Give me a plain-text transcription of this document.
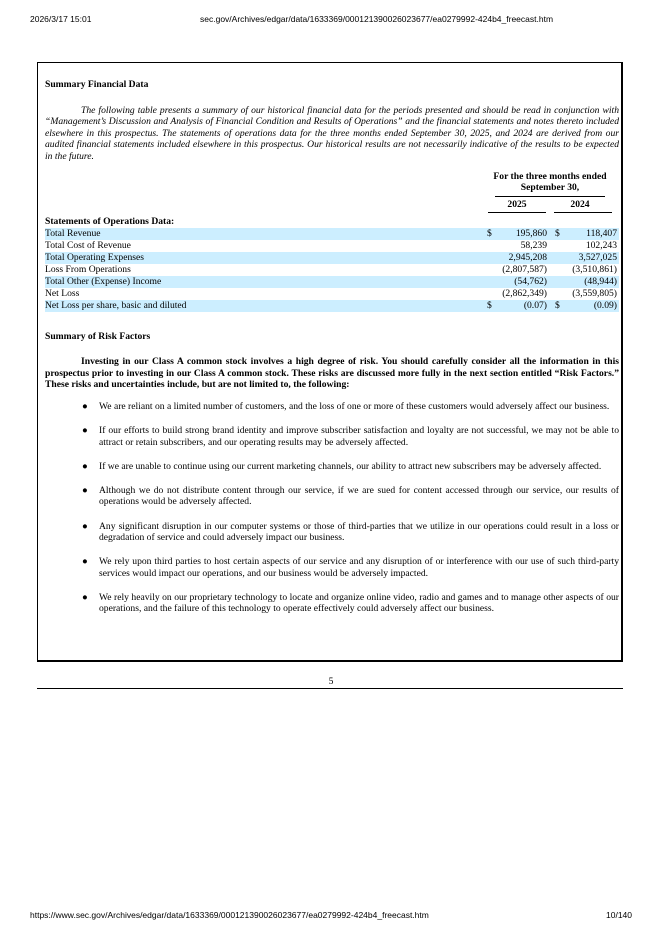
2026/3/17 15:01	sec.gov/Archives/edgar/data/1633369/000121390026023677/ea0279992-424b4_freecast.htm

Summary Financial Data

The following table presents a summary of our historical financial data for the periods presented and should be read in conjunction with “Management’s Discussion and Analysis of Financial Condition and Results of Operations” and the financial statements and notes thereto included elsewhere in this prospectus. The statements of operations data for the three months ended September 30, 2025, and 2024 are derived from our audited financial statements included elsewhere in this prospectus. Our historical results are not necessarily indicative of the results to be expected in the future.

For the three months ended
September 30,
2025	2024
Statements of Operations Data:
Total Revenue	$	195,860 $	118,407
Total Cost of Revenue	58,239	102,243
Total Operating Expenses	2,945,208	3,527,025
Loss From Operations	(2,807,587)	(3,510,861)
Total Other (Expense) Income	(54,762)	(48,944)
Net Loss	(2,862,349)	(3,559,805)
Net Loss per share, basic and diluted	$	(0.07) $	(0.09)

Summary of Risk Factors

Investing in our Class A common stock involves a high degree of risk. You should carefully consider all the information in this prospectus prior to investing in our Class A common stock. These risks are discussed more fully in the next section entitled “Risk Factors.” These risks and uncertainties include, but are not limited to, the following:

● We are reliant on a limited number of customers, and the loss of one or more of these customers would adversely affect our business.
● If our efforts to build strong brand identity and improve subscriber satisfaction and loyalty are not successful, we may not be able to attract or retain subscribers, and our operating results may be adversely affected.
● If we are unable to continue using our current marketing channels, our ability to attract new subscribers may be adversely affected.
● Although we do not distribute content through our service, if we are sued for content accessed through our service, our results of operations would be adversely affected.
● Any significant disruption in our computer systems or those of third-parties that we utilize in our operations could result in a loss or degradation of service and could adversely impact our business.
● We rely upon third parties to host certain aspects of our service and any disruption of or interference with our use of such third-party services would impact our operations, and our business would be adversely impacted.
● We rely heavily on our proprietary technology to locate and organize online video, radio and games and to manage other aspects of our operations, and the failure of this technology to operate effectively could adversely affect our business.
5
https://www.sec.gov/Archives/edgar/data/1633369/000121390026023677/ea0279992-424b4_freecast.htm	10/140
